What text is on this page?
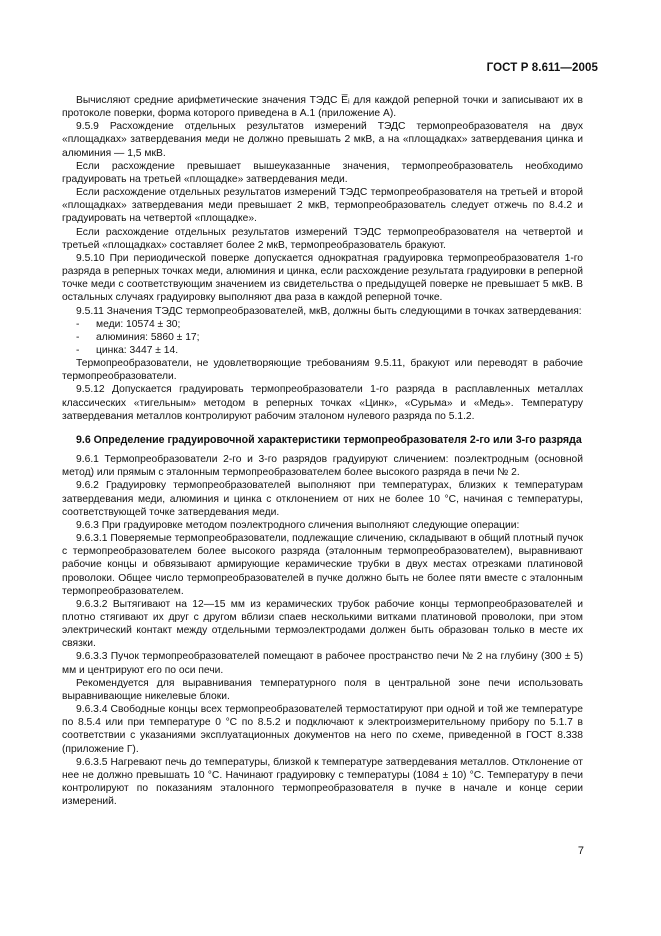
ГОСТ Р 8.611—2005

Вычисляют средние арифметические значения ТЭДС E̅ᵢ для каждой реперной точки и записывают их в протоколе поверки, форма которого приведена в А.1 (приложение А).

9.5.9 Расхождение отдельных результатов измерений ТЭДС термопреобразователя на двух «площадках» затвердевания меди не должно превышать 2 мкВ, а на «площадках» затвердевания цинка и алюминия — 1,5 мкВ.

Если расхождение превышает вышеуказанные значения, термопреобразователь необходимо градуировать на третьей «площадке» затвердевания меди.

Если расхождение отдельных результатов измерений ТЭДС термопреобразователя на третьей и второй «площадках» затвердевания меди превышает 2 мкВ, термопреобразователь следует отжечь по 8.4.2 и градуировать на четвертой «площадке».

Если расхождение отдельных результатов измерений ТЭДС термопреобразователя на четвертой и третьей «площадках» составляет более 2 мкВ, термопреобразователь бракуют.

9.5.10 При периодической поверке допускается однократная градуировка термопреобразователя 1-го разряда в реперных точках меди, алюминия и цинка, если расхождение результата градуировки в реперной точке меди с соответствующим значением из свидетельства о предыдущей поверке не превышает 5 мкВ. В остальных случаях градуировку выполняют два раза в каждой реперной точке.

9.5.11 Значения ТЭДС термопреобразователей, мкВ, должны быть следующими в точках затвердевания:

- меди: 10574 ± 30;

- алюминия: 5860 ± 17;

- цинка: 3447 ± 14.

Термопреобразователи, не удовлетворяющие требованиям 9.5.11, бракуют или переводят в рабочие термопреобразователи.

9.5.12 Допускается градуировать термопреобразователи 1-го разряда в расплавленных металлах классических «тигельным» методом в реперных точках «Цинк», «Сурьма» и «Медь». Температуру затвердевания металлов контролируют рабочим эталоном нулевого разряда по 5.1.2.

9.6 Определение градуировочной характеристики термопреобразователя 2-го или 3-го разряда

9.6.1 Термопреобразователи 2-го и 3-го разрядов градуируют сличением: поэлектродным (основной метод) или прямым с эталонным термопреобразователем более высокого разряда в печи № 2.

9.6.2 Градуировку термопреобразователей выполняют при температурах, близких к температурам затвердевания меди, алюминия и цинка с отклонением от них не более 10 °C, начиная с температуры, соответствующей точке затвердевания меди.

9.6.3 При градуировке методом поэлектродного сличения выполняют следующие операции:

9.6.3.1 Поверяемые термопреобразователи, подлежащие сличению, складывают в общий плотный пучок с термопреобразователем более высокого разряда (эталонным термопреобразователем), выравнивают рабочие концы и обвязывают армирующие керамические трубки в двух местах отрезками платиновой проволоки. Общее число термопреобразователей в пучке должно быть не более пяти вместе с эталонным термопреобразователем.

9.6.3.2 Вытягивают на 12—15 мм из керамических трубок рабочие концы термопреобразователей и плотно стягивают их друг с другом вблизи спаев несколькими витками платиновой проволоки, при этом электрический контакт между отдельными термоэлектродами должен быть образован только в месте их связки.

9.6.3.3 Пучок термопреобразователей помещают в рабочее пространство печи № 2 на глубину (300 ± 5) мм и центрируют его по оси печи.

Рекомендуется для выравнивания температурного поля в центральной зоне печи использовать выравнивающие никелевые блоки.

9.6.3.4 Свободные концы всех термопреобразователей термостатируют при одной и той же температуре по 8.5.4 или при температуре 0 °C по 8.5.2 и подключают к электроизмерительному прибору по 5.1.7 в соответствии с указаниями эксплуатационных документов на него по схеме, приведенной в ГОСТ 8.338 (приложение Г).

9.6.3.5 Нагревают печь до температуры, близкой к температуре затвердевания металлов. Отклонение от нее не должно превышать 10 °C. Начинают градуировку с температуры (1084 ± 10) °C. Температуру в печи контролируют по показаниям эталонного термопреобразователя в пучке в начале и конце серии измерений.

7
